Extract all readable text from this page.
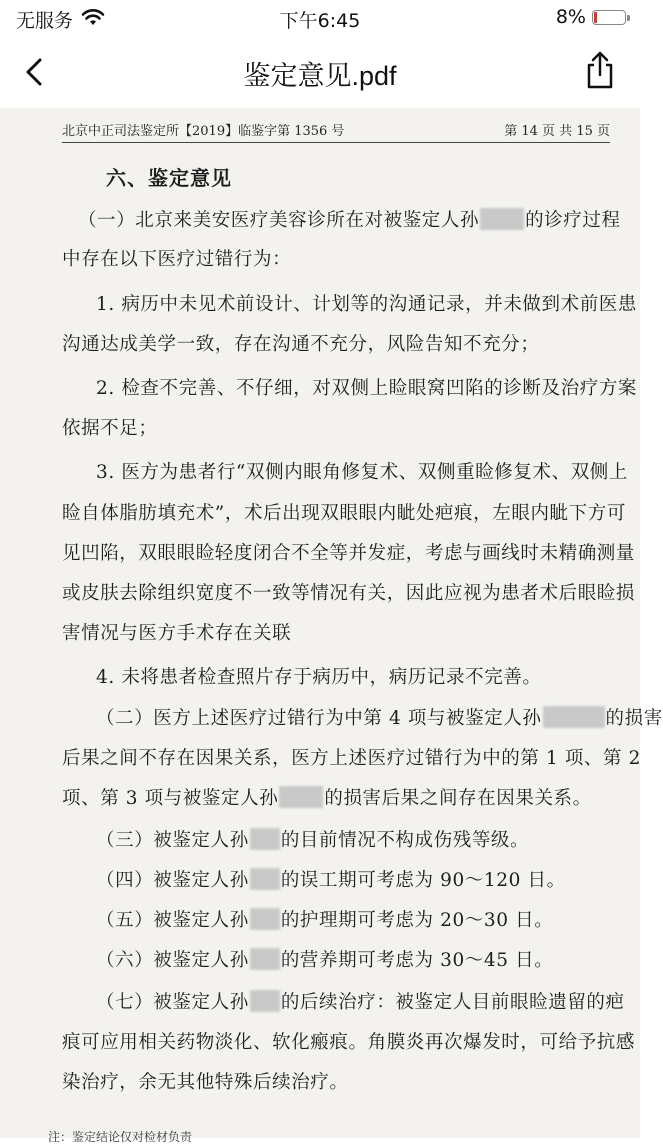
无服务	下午6:45	8%
鉴定意见.pdf
北京中正司法鉴定所【2019】临鉴字第 1356 号	第 14 页 共 15 页
六、鉴定意见
（一）北京来美安医疗美容诊所在对被鉴定人孙 的诊疗过程
中存在以下医疗过错行为：
1. 病历中未见术前设计、计划等的沟通记录，并未做到术前医患
沟通达成美学一致，存在沟通不充分，风险告知不充分；
2. 检查不完善、不仔细，对双侧上睑眼窝凹陷的诊断及治疗方案
依据不足；
3. 医方为患者行“双侧内眼角修复术、双侧重睑修复术、双侧上
睑自体脂肪填充术”，术后出现双眼眼内眦处疤痕，左眼内眦下方可
见凹陷，双眼眼睑轻度闭合不全等并发症，考虑与画线时未精确测量
或皮肤去除组织宽度不一致等情况有关，因此应视为患者术后眼睑损
害情况与医方手术存在关联
4. 未将患者检查照片存于病历中，病历记录不完善。
（二）医方上述医疗过错行为中第 4 项与被鉴定人孙	的损害
后果之间不存在因果关系，医方上述医疗过错行为中的第 1 项、第 2
项、第 3 项与被鉴定人孙 的损害后果之间存在因果关系。
（三）被鉴定人孙 的目前情况不构成伤残等级。
（四）被鉴定人孙 的误工期可考虑为 90～120 日。
（五）被鉴定人孙 的护理期可考虑为 20～30 日。
（六）被鉴定人孙 的营养期可考虑为 30～45 日。
（七）被鉴定人孙 的后续治疗：被鉴定人目前眼睑遗留的疤
痕可应用相关药物淡化、软化瘢痕。角膜炎再次爆发时，可给予抗感
染治疗，余无其他特殊后续治疗。
注：鉴定结论仅对检材负责
